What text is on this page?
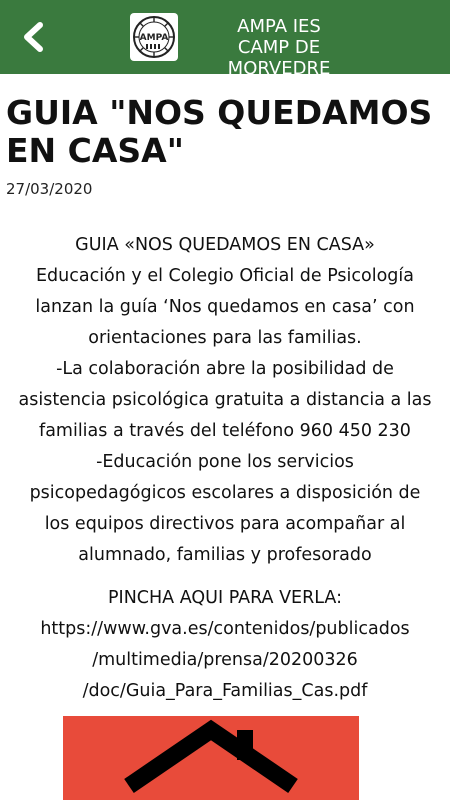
AMPA
AMPA IES
CAMP DE MORVEDRE
GUIA "NOS QUEDAMOS EN CASA"
27/03/2020

GUIA «NOS QUEDAMOS EN CASA»

Educación y el Colegio Oficial de Psicología

lanzan la guía ‘Nos quedamos en casa’ con

orientaciones para las familias.

-La colaboración abre la posibilidad de

asistencia psicológica gratuita a distancia a las

familias a través del teléfono 960 450 230

-Educación pone los servicios

psicopedagógicos escolares a disposición de

los equipos directivos para acompañar al

alumnado, familias y profesorado

PINCHA AQUI PARA VERLA:

https://www.gva.es/contenidos/publicados

/multimedia/prensa/20200326

/doc/Guia_Para_Familias_Cas.pdf
